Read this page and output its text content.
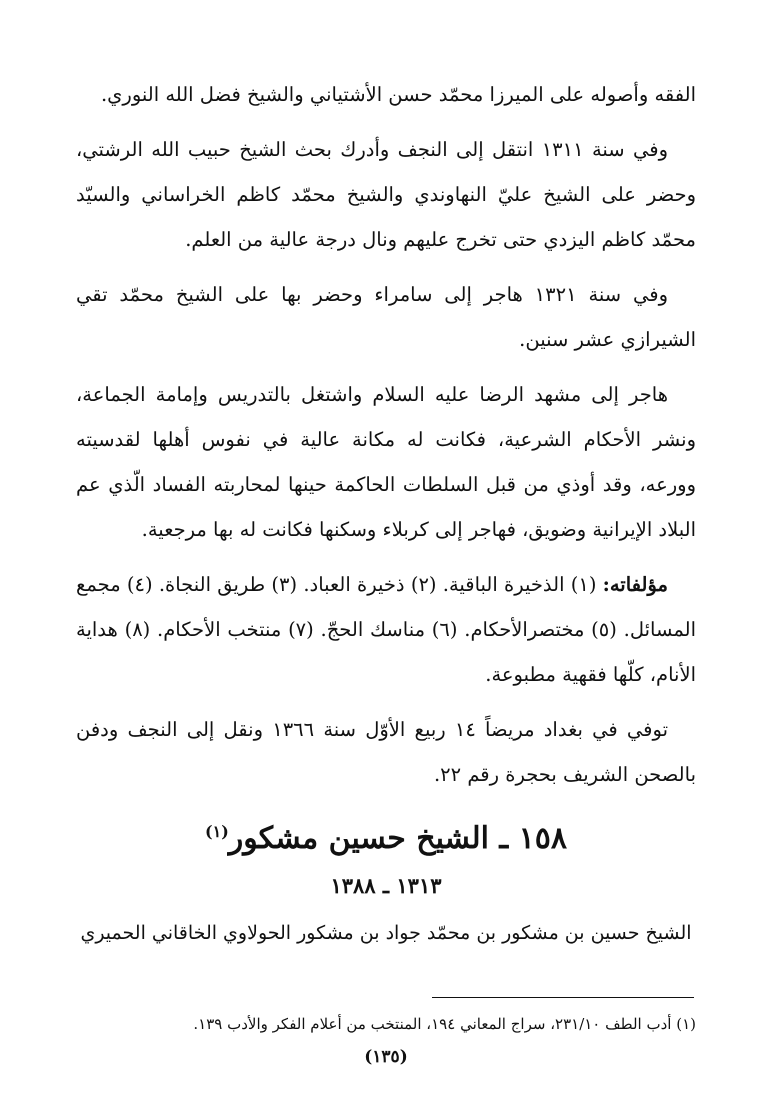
الفقه وأصوله على الميرزا محمّد حسن الأشتياني والشيخ فضل الله النوري.

وفي سنة ١٣١١ انتقل إلى النجف وأدرك بحث الشيخ حبيب الله الرشتي، وحضر على الشيخ عليّ النهاوندي والشيخ محمّد كاظم الخراساني والسيّد محمّد كاظم اليزدي حتى تخرج عليهم ونال درجة عالية من العلم.

وفي سنة ١٣٢١ هاجر إلى سامراء وحضر بها على الشيخ محمّد تقي الشيرازي عشر سنين.

هاجر إلى مشهد الرضا عليه السلام واشتغل بالتدريس وإمامة الجماعة، ونشر الأحكام الشرعية، فكانت له مكانة عالية في نفوس أهلها لقدسيته وورعه، وقد أوذي من قبل السلطات الحاكمة حينها لمحاربته الفساد الّذي عم البلاد الإيرانية وضويق، فهاجر إلى كربلاء وسكنها فكانت له بها مرجعية.

مؤلفاته: (١) الذخيرة الباقية. (٢) ذخيرة العباد. (٣) طريق النجاة. (٤) مجمع المسائل. (٥) مختصرالأحكام. (٦) مناسك الحجّ. (٧) منتخب الأحكام. (٨) هداية الأنام، كلّها فقهية مطبوعة.

توفي في بغداد مريضاً ١٤ ربيع الأوّل سنة ١٣٦٦ ونقل إلى النجف ودفن بالصحن الشريف بحجرة رقم ٢٢.

١٥٨ ـ الشيخ حسين مشكور$^{(١)}$
١٣١٣ ـ ١٣٨٨
الشيخ حسين بن مشكور بن محمّد جواد بن مشكور الحولاوي الخاقاني الحميري
(١) أدب الطف ٢٣١/١٠، سراج المعاني ١٩٤، المنتخب من أعلام الفكر والأدب ١٣٩.
(١٣٥)
